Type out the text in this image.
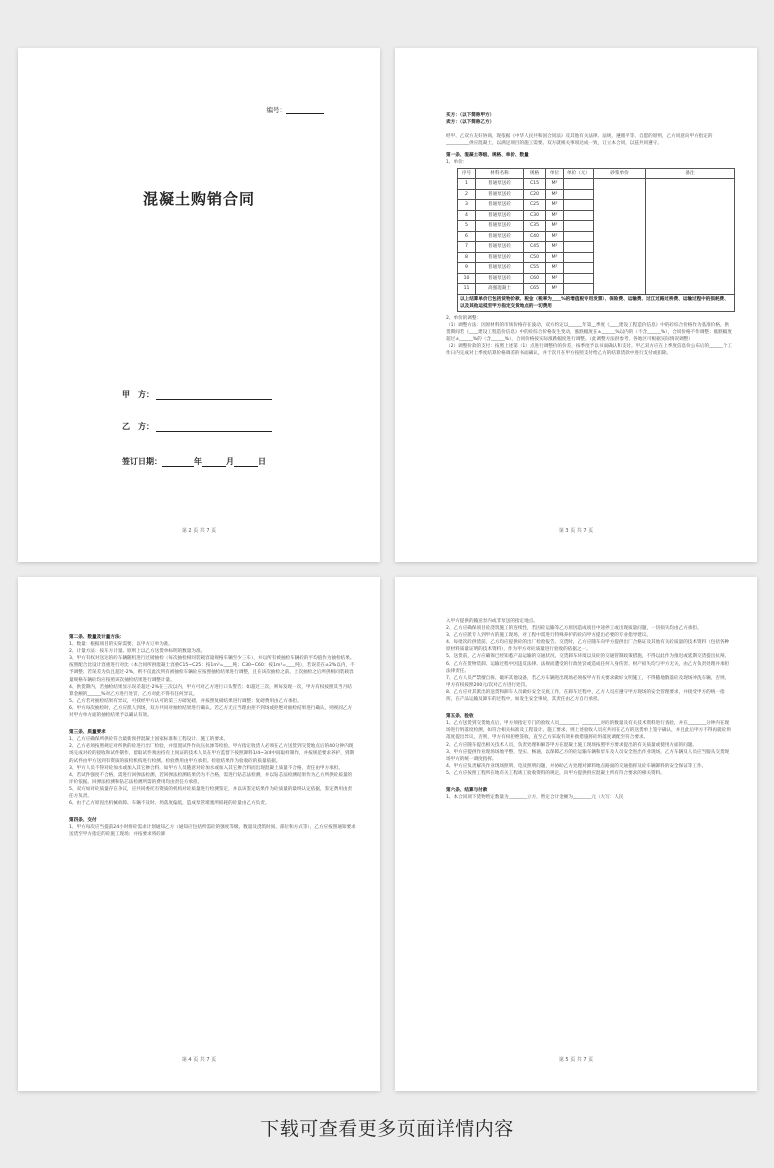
编号：
混凝土购销合同
甲　方：
乙　方：
签订日期：	年	月	日
第 2 页 共 7 页

买方：（以下简称甲方）

卖方：（以下简称乙方）

经甲、乙双方友好协商，现依据《中华人民共和国合同法》及其他有关法律、法规，遵循平等、自愿的原则，乙方同意向甲方指定的__________供应混凝土，以满足项目的施工需要。双方就相关事项达成一致，订立本合同，以兹共同遵守。

第一条、混凝土等级、规格、单价、数量

1、单价：

序号	材料名称	规格	单位	单价（元）	砂浆单价	备注
1	普通泵送砼	C15	M³			
2	普通泵送砼	C20	M³			
3	普通泵送砼	C25	M³			
4	普通泵送砼	C30	M³			
5	普通泵送砼	C35	M³			
6	普通泵送砼	C40	M³			
7	普通泵送砼	C45	M³			
8	普通泵送砼	C50	M³			
9	普通泵送砼	C55	M³			
10	普通泵送砼	C60	M³			
11	高强混凝土	C65	M³			
以上结算单价已包括货物价款、税金（税率为____%的增值税专用发票）、保险费、运输费、过江过路过桥费、运输过程中的损耗费、以及其他运抵至甲方指定交货地点的一切费用						

2、单价的调整：

（1）调整方法：因原材料的市场价格存在波动，双方约定以______年第__季度《____建设工程造价信息》中的砼综合价格作为基准价格，供货期间若《____建设工程造价信息》中的砼综合价格发生变动，涨跌幅度在±______%以内的（不含______%），合同价格不作调整；涨跌幅度超过±______%的（含______%），合同价格按实际涨跌幅度进行调整。（此调整方法供参考，各地区可根据实际情况调整）

（2）调整价款的支付：按照上述第（1）点进行调整价的价差，按季度予以书面确认和支付。甲乙双方应在上季度信息价公布后的______个工作日内完成对上季度结算价格调差的书面确认，并于次月在甲方按照支付给乙方的结算货款中进行支付或扣除。

第 3 页 共 7 页

第二条、数量及计量方法：

1、数量：根据项目的实际需要，以甲方订单为准。

2、计量方法：按车方计量。原则上以乙方送货单标明的数量为准。

3、甲方有权对送达的砼车辆随机进行过磅抽检（每次抽检相同装载容量规格车辆至少三车），并以所有被抽检车辆砼的平均值作为抽检结果。按照配合比设计容重进行对比（本合同所供混凝土容重C15~C25：按1m³=____吨；C30~C60：按1m³=____吨），若误差在±2%以内，不予调整；若误差为负且超过-2%，则不仅此次所有被抽检车辆砼应按照抽检结果进行调整，且在该次抽检之前、上次抽检之后所供相同装载容量规格车辆砼均应按照该次抽检结果进行调整计量。

4、供货期内，若抽检结果显示误差超过-2%在三次以内，甲方可对乙方进行口头警告；如超过三次，则每发现一次，甲方有权按照其当月结算金额的______%对乙方进行处罚，乙方对此不得有任何异议。

5、乙方若对抽检结果有异议，可找经甲方认可的第三方磅复磅，并按照复磅结果进行调整；复磅费用由乙方承担。

6、甲方每次抽检时，乙方应派人到场，双方共同对抽检结果进行确认。若乙方无正当理由拒不到场或拒绝对抽检结果进行确认，则视同乙方对甲方单方面的抽检结果予以确认有效。

第三条、质量要求

1、乙方应确保所供砼符合最新预拌混凝土国家标准和工程设计、施工的要求。

2、乙方必须按照规定对所供的砼进行出厂检验，并留置试件作抗压抗渗等检验。甲方指定收货人必须在乙方送货到交货地点后的40分钟内现场完成对砼的接收和试件制作，留取试件须由持有上岗证的技术人员在甲方监督下按照卸料1/4~3/4中间取样制作，并按规范要求养护，到期的试件由甲方送到有资质的质检机构进行检测。检验费用由甲方承担。检验结果作为验收砼的质量依据。

3、甲方人员不得对砼加水或加入其它掺合料，如甲方人员随意对砼加水或加入其它掺合料而出现混凝土质量不合格，责任由甲方承担。

4、若试件强度不合格，需进行回弹法检测，若回弹法检测结果仍为不合格，需进行钻芯法检测，并以钻芯法检测结果作为乙方所供砼质量的评价依据。回弹法检测和钻芯法检测所需的费用均由责任方承担。

5、双方如对砼质量存在争议，应共同委托有资质的机构对砼质量进行检测鉴定，并以该鉴定结果作为砼质量的最终认定依据，鉴定费用由责任方负责。

6、由于乙方原因出机械故障、车辆不及时、坍落度偏低，造成泵管堵塞所损耗的砼量由乙方负责。

第四条、交付

1、甲方每次应当提前24小时将砼需求计划通知乙方（通知应包括所需砼的强度等级、数量及浇筑时间、部位和方式等），乙方应按照通知要求送货至甲方指定的砼施工现场；并按要求将砼卸

第 4 页 共 7 页

入甲方提供的输送泵内或非泵送的指定地点。

2、乙方应确保项目砼浇筑施工的连续性，若因砼运输等乙方原因造成项目中途停工或出现质量问题，一切损失均由乙方承担。

3、乙方应派专人到甲方的施工现场，对工程中需进行特殊养护的砼向甲方提出必要的专业指导建议。

4、每批次砼供货前，乙方均应提供砼的出厂检验报告。交货时，乙方应随车向甲方提供出厂合格证及其他有关砼质量的技术资料（包括各种原材料质量证明的技术资料），作为甲方对砼质量进行验收的依据之一。

5、送货前，乙方应确保已经知悉产品运输的交通状况，交货卸车环境以及砼的交通管制政策措施，不得以此作为推迟或延期交货提出抗辩。

6、乙方在货物装卸、运输过程中因违反法律、法规而遭受的行政处罚或造成任何人身伤害、财产损失均与甲方无关，由乙方负责处理并承担法律责任。

7、乙方人员严禁擅自拆、破坏其他设备，若乙方车辆进出现场必须按甲方有关要求做好文明施工，不得随地散落砼及现场冲洗车辆，否则，甲方有权按照200元/次对乙方进行处罚。

8、乙方应对其派出的送货和卸车人员做好安全交底工作，在卸车过程中，乙方人员应遵守甲方现场的安全管理要求，并接受甲方的统一指挥，在产品运输及卸车的过程中，如发生安全事故，其责任由乙方自行承担。

第五条、验收

1、乙方送货到交货地点后，甲方须指定专门的验收人员________，________对砼的数量及有关技术资料进行查验，并在________分钟内在现场进行坍落度检测，如符合相关标准及工程设计、施工要求，则上述验收人员应共同在乙方的送货单上签字确认，并且此后甲方不得再就砼坍落度提出异议，否则，甲方有权拒绝签收，直至乙方采取有效补救措施将砼坍落度调配至符合要求。

2、乙方应随车提出相关技术人员，负责处理和解答甲方在混凝土施工现场按照甲方要求提出的有关质量或使用方面的问题。

3、甲方应提供作业现场场地平整、坚实、畅通，以保障乙方的砼运输车辆和泵车及人员安全进出作业现场，乙方车辆及人员应当服从交货现场甲方的统一调度指挥。

4、甲方应负责解决作业现场照明、电及照明问题，并协助乙方处理对卸料地点路面的交通指挥及砼车辆卸料的安全保证等工作。

5、乙方应按照工程所在地有关工程竣工验收资料的规定，向甲方提供供应混凝土所有符合要求的相关资料。

第六条、结算与付款

1、本合同项下货物暂定数量为________立方，暂定合计金额为________元（大写：人民

第 5 页 共 7 页
下载可查看更多页面详情内容
